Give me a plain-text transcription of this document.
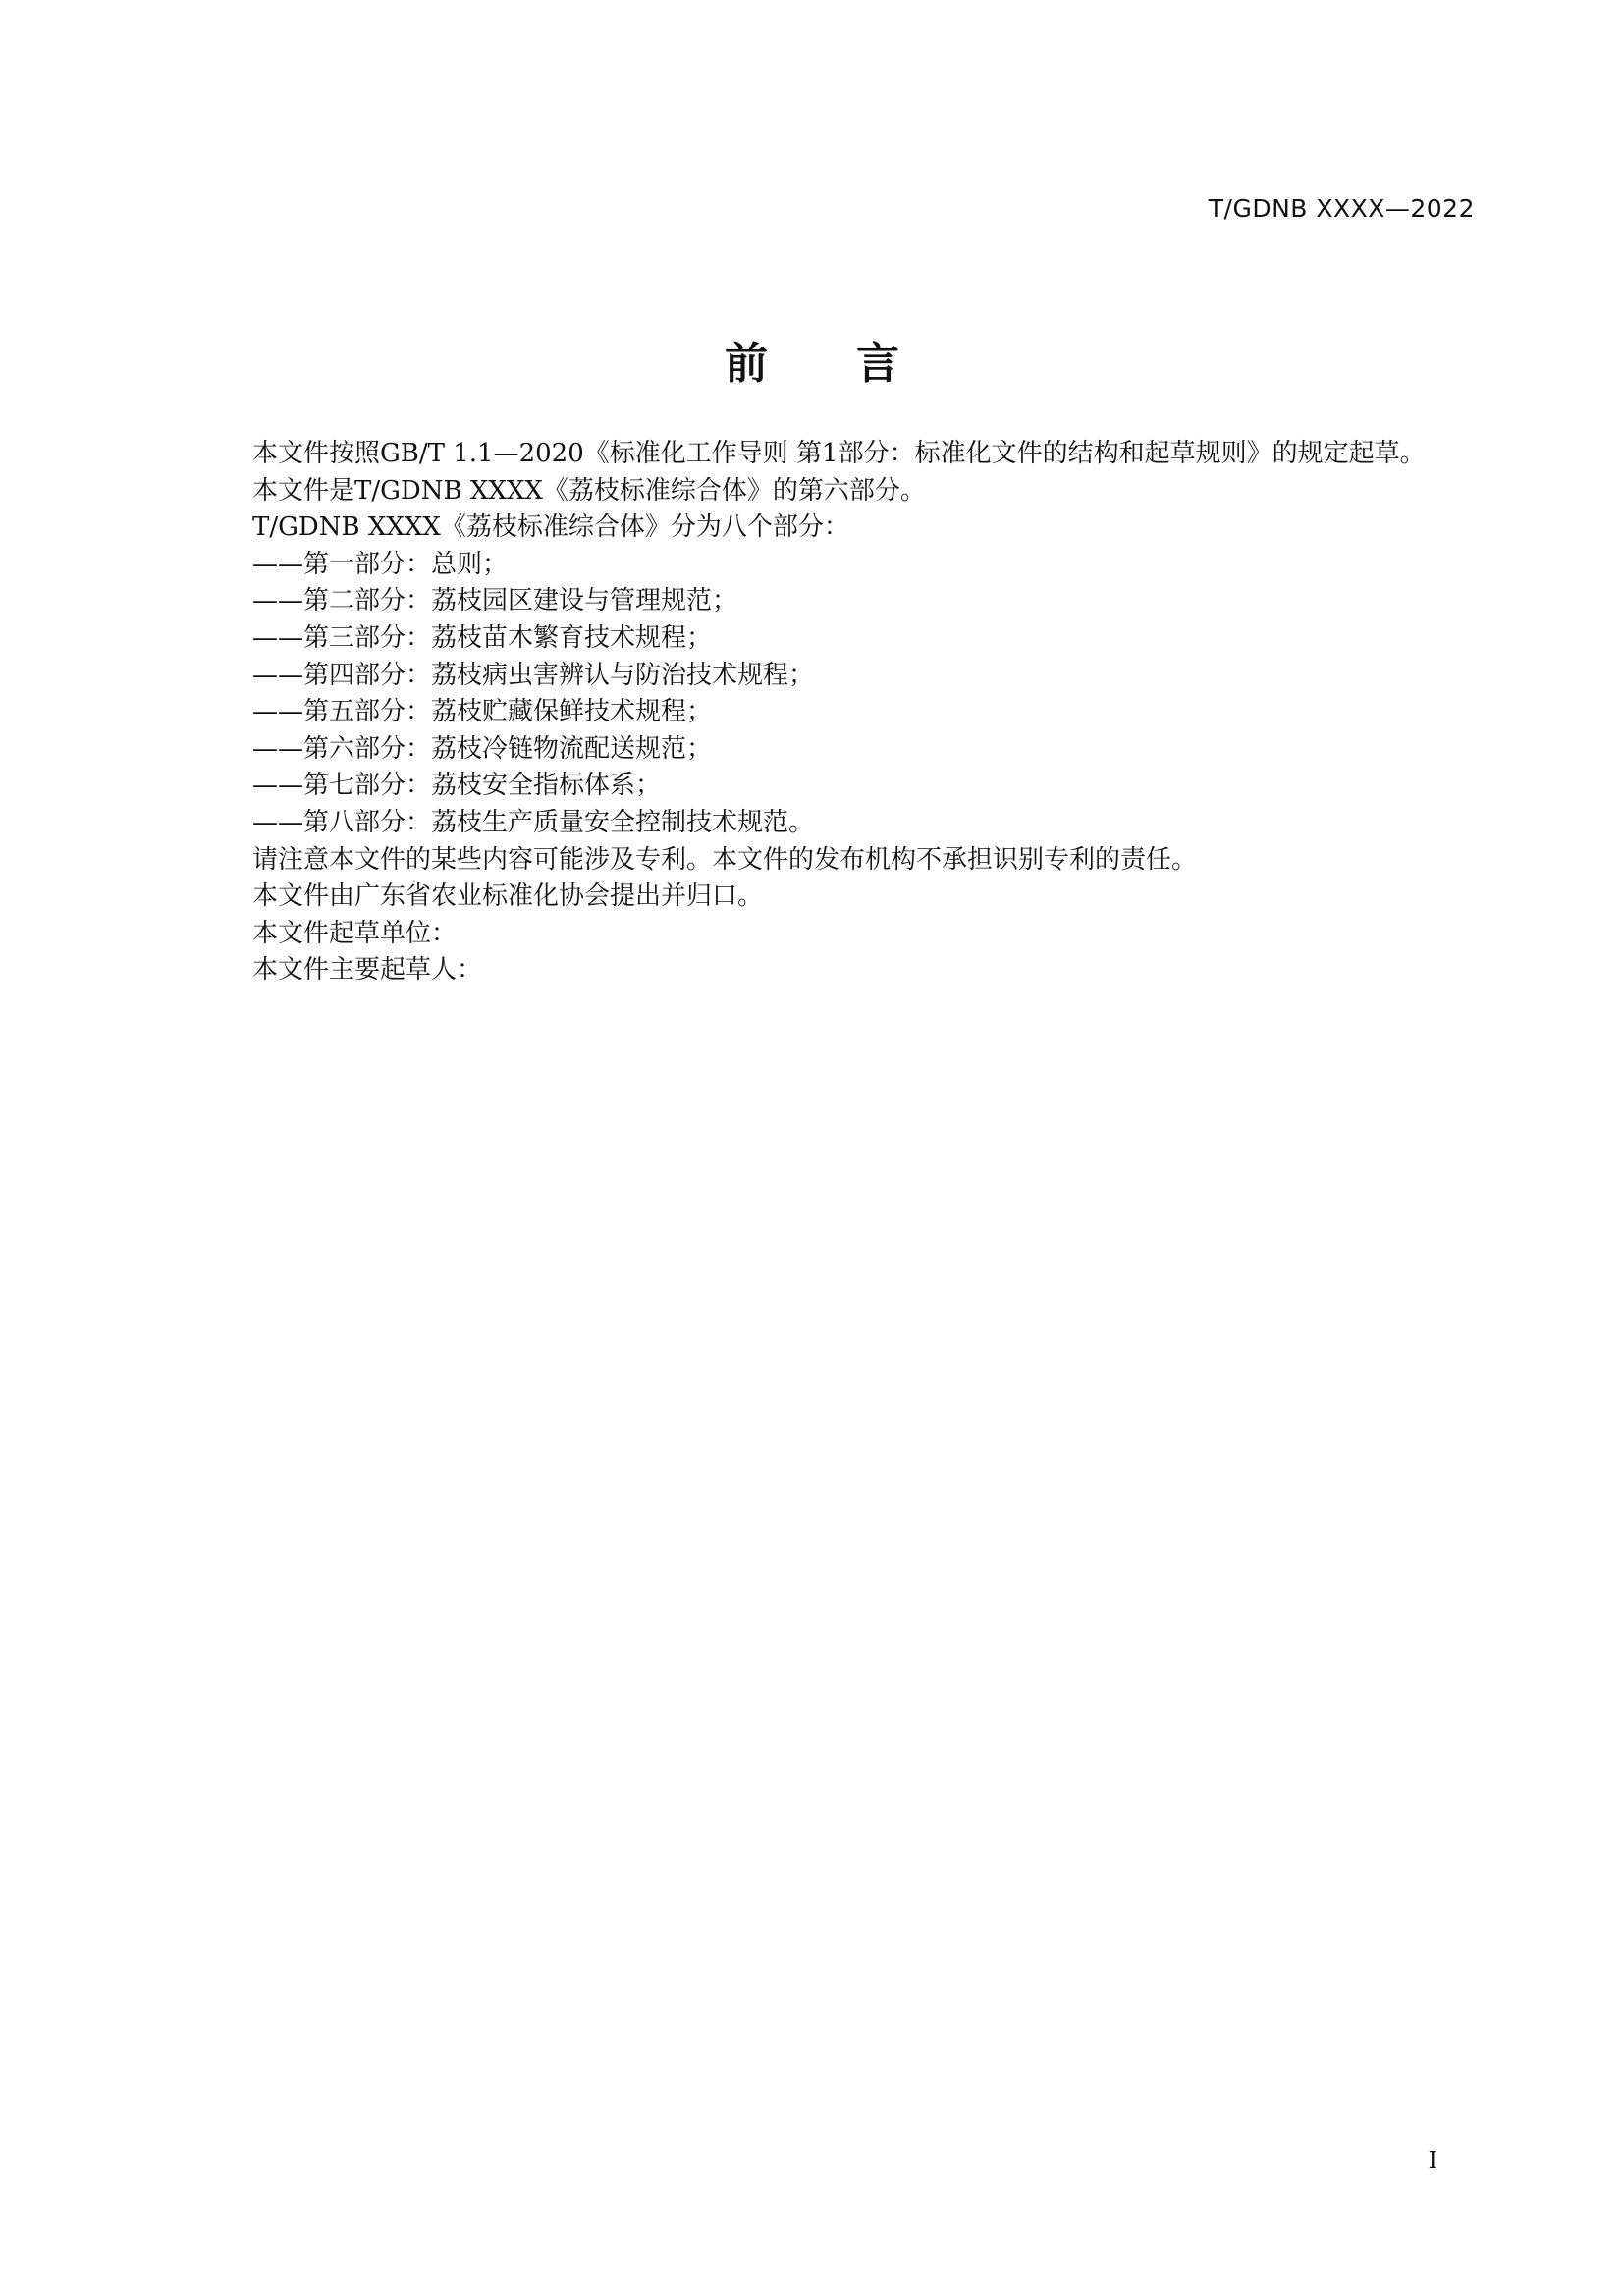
T/GDNB XXXX—2022
前言

本文件按照GB/T 1.1—2020《标准化工作导则 第1部分：标准化文件的结构和起草规则》的规定起草。

本文件是T/GDNB XXXX《荔枝标准综合体》的第六部分。

T/GDNB XXXX《荔枝标准综合体》分为八个部分：

——第一部分：总则；

——第二部分：荔枝园区建设与管理规范；

——第三部分：荔枝苗木繁育技术规程；

——第四部分：荔枝病虫害辨认与防治技术规程；

——第五部分：荔枝贮藏保鲜技术规程；

——第六部分：荔枝冷链物流配送规范；

——第七部分：荔枝安全指标体系；

——第八部分：荔枝生产质量安全控制技术规范。

请注意本文件的某些内容可能涉及专利。本文件的发布机构不承担识别专利的责任。

本文件由广东省农业标准化协会提出并归口。

本文件起草单位：

本文件主要起草人：

I
